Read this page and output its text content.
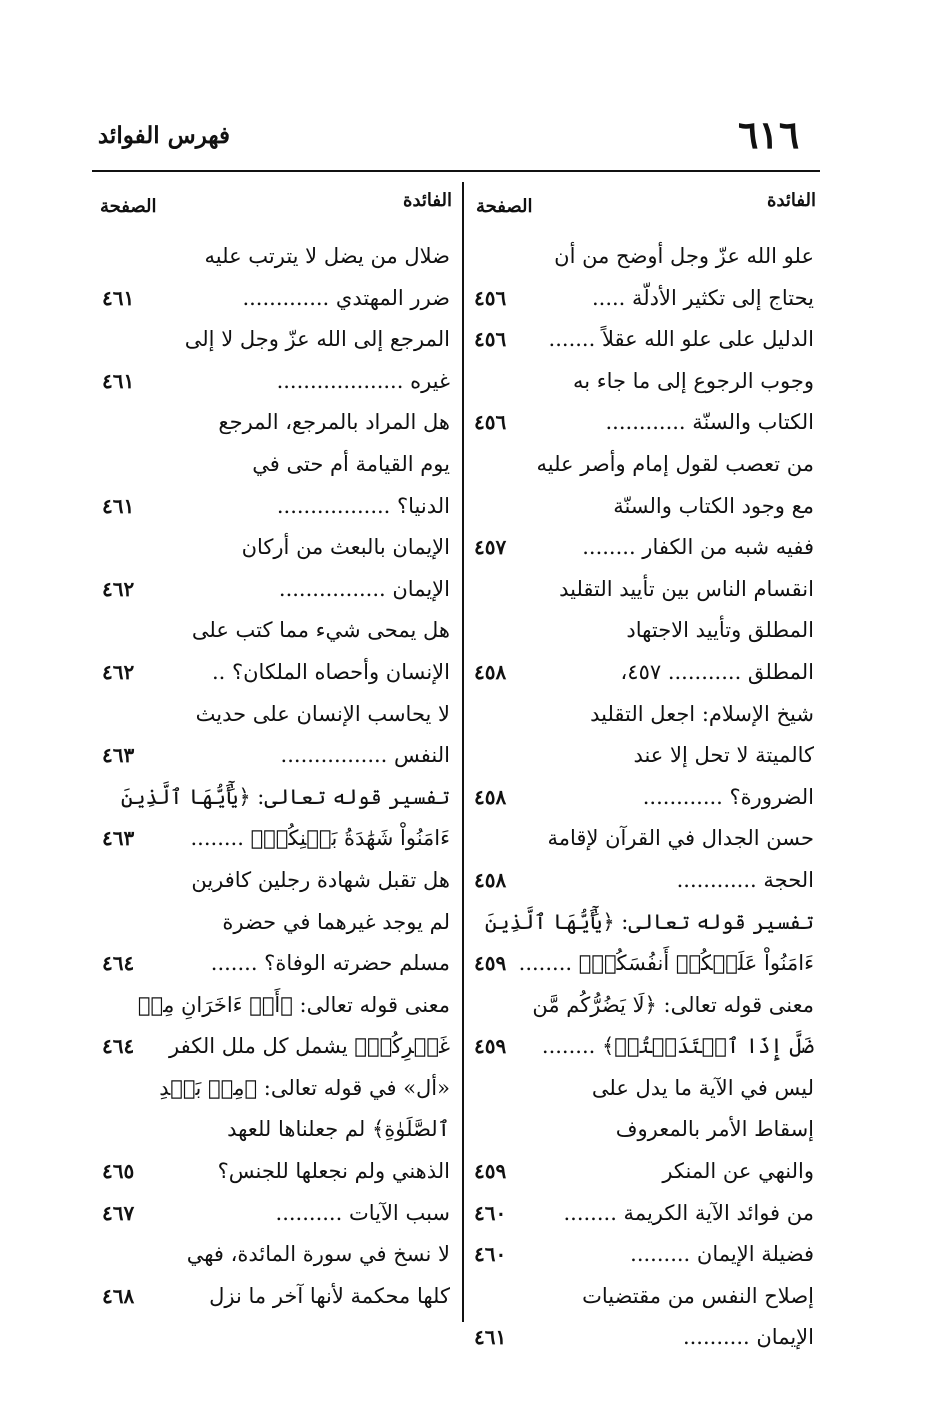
٦١٦
فهرس الفوائد
الفائدة
الصفحة
علو الله عزّ وجل أوضح من أن
يحتاج إلى تكثير الأدلّة .....
٤٥٦
الدليل على علو الله عقلاً .......
٤٥٦
وجوب الرجوع إلى ما جاء به
الكتاب والسنّة ............
٤٥٦
من تعصب لقول إمام وأصر عليه
مع وجود الكتاب والسنّة
ففيه شبه من الكفار ........
٤٥٧
انقسام الناس بين تأييد التقليد
المطلق وتأييد الاجتهاد
المطلق ........... ٤٥٧،
٤٥٨
شيخ الإسلام: اجعل التقليد
كالميتة لا تحل إلا عند
الضرورة؟ ............
٤٥٨
حسن الجدال في القرآن لإقامة
الحجة ............
٤٥٨
تفسير قوله تعالى: ﴿يَٰٓأَيُّهَا ٱلَّذِينَ
ءَامَنُواْ عَلَيۡكُمۡ أَنفُسَكُمۡ﴾ ........
٤٥٩
معنى قوله تعالى: ﴿لَا يَضُرُّكُم مَّن
ضَلَّ إِذَا ٱهۡتَدَيۡتُمۡ﴾ ........
٤٥٩
ليس في الآية ما يدل على
إسقاط الأمر بالمعروف
والنهي عن المنكر
٤٥٩
من فوائد الآية الكريمة ........
٤٦٠
فضيلة الإيمان .........
٤٦٠
إصلاح النفس من مقتضيات
الإيمان ..........
٤٦١
الفائدة
الصفحة
ضلال من يضل لا يترتب عليه
ضرر المهتدي .............
٤٦١
المرجع إلى الله عزّ وجل لا إلى
غيره ...................
٤٦١
هل المراد بالمرجع، المرجع
يوم القيامة أم حتى في
الدنيا؟ .................
٤٦١
الإيمان بالبعث من أركان
الإيمان ................
٤٦٢
هل يمحى شيء مما كتب على
الإنسان وأحصاه الملكان؟ ..
٤٦٢
لا يحاسب الإنسان على حديث
النفس ................
٤٦٣
تفسير قوله تعالى: ﴿يَٰٓأَيُّهَا ٱلَّذِينَ
ءَامَنُواْ شَهَٰدَةُ بَيۡنِكُمۡ﴾ ........
٤٦٣
هل تقبل شهادة رجلين كافرين
لم يوجد غيرهما في حضرة
مسلم حضرته الوفاة؟ .......
٤٦٤
معنى قوله تعالى: ﴿أَوۡ ءَاخَرَانِ مِنۡ
غَيۡرِكُمۡ﴾ يشمل كل ملل الكفر
٤٦٤
«أل» في قوله تعالى: ﴿مِنۢ بَعۡدِ
ٱلصَّلَوٰةِ﴾ لم جعلناها للعهد
الذهني ولم نجعلها للجنس؟
٤٦٥
سبب الآيات ..........
٤٦٧
لا نسخ في سورة المائدة، فهي
كلها محكمة لأنها آخر ما نزل
٤٦٨
